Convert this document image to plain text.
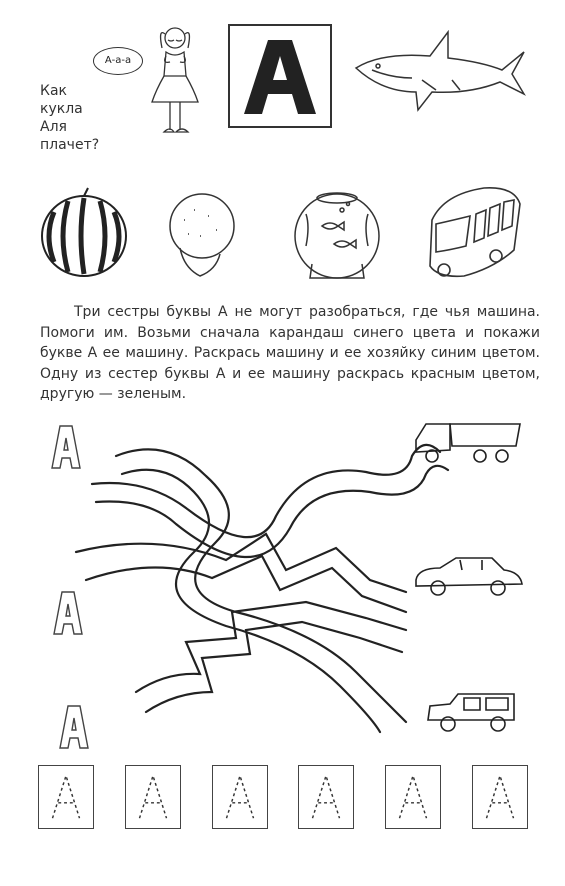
А-а-а
Как
кукла
Аля
плачет?

Три сестры буквы А не могут разобраться, где чья машина. Помоги им. Возьми сначала карандаш синего цвета и покажи букве А ее машину. Раскрась машину и ее хозяйку синим цветом. Одну из сестер буквы А и ее машину раскрась красным цветом, другую — зеленым.
